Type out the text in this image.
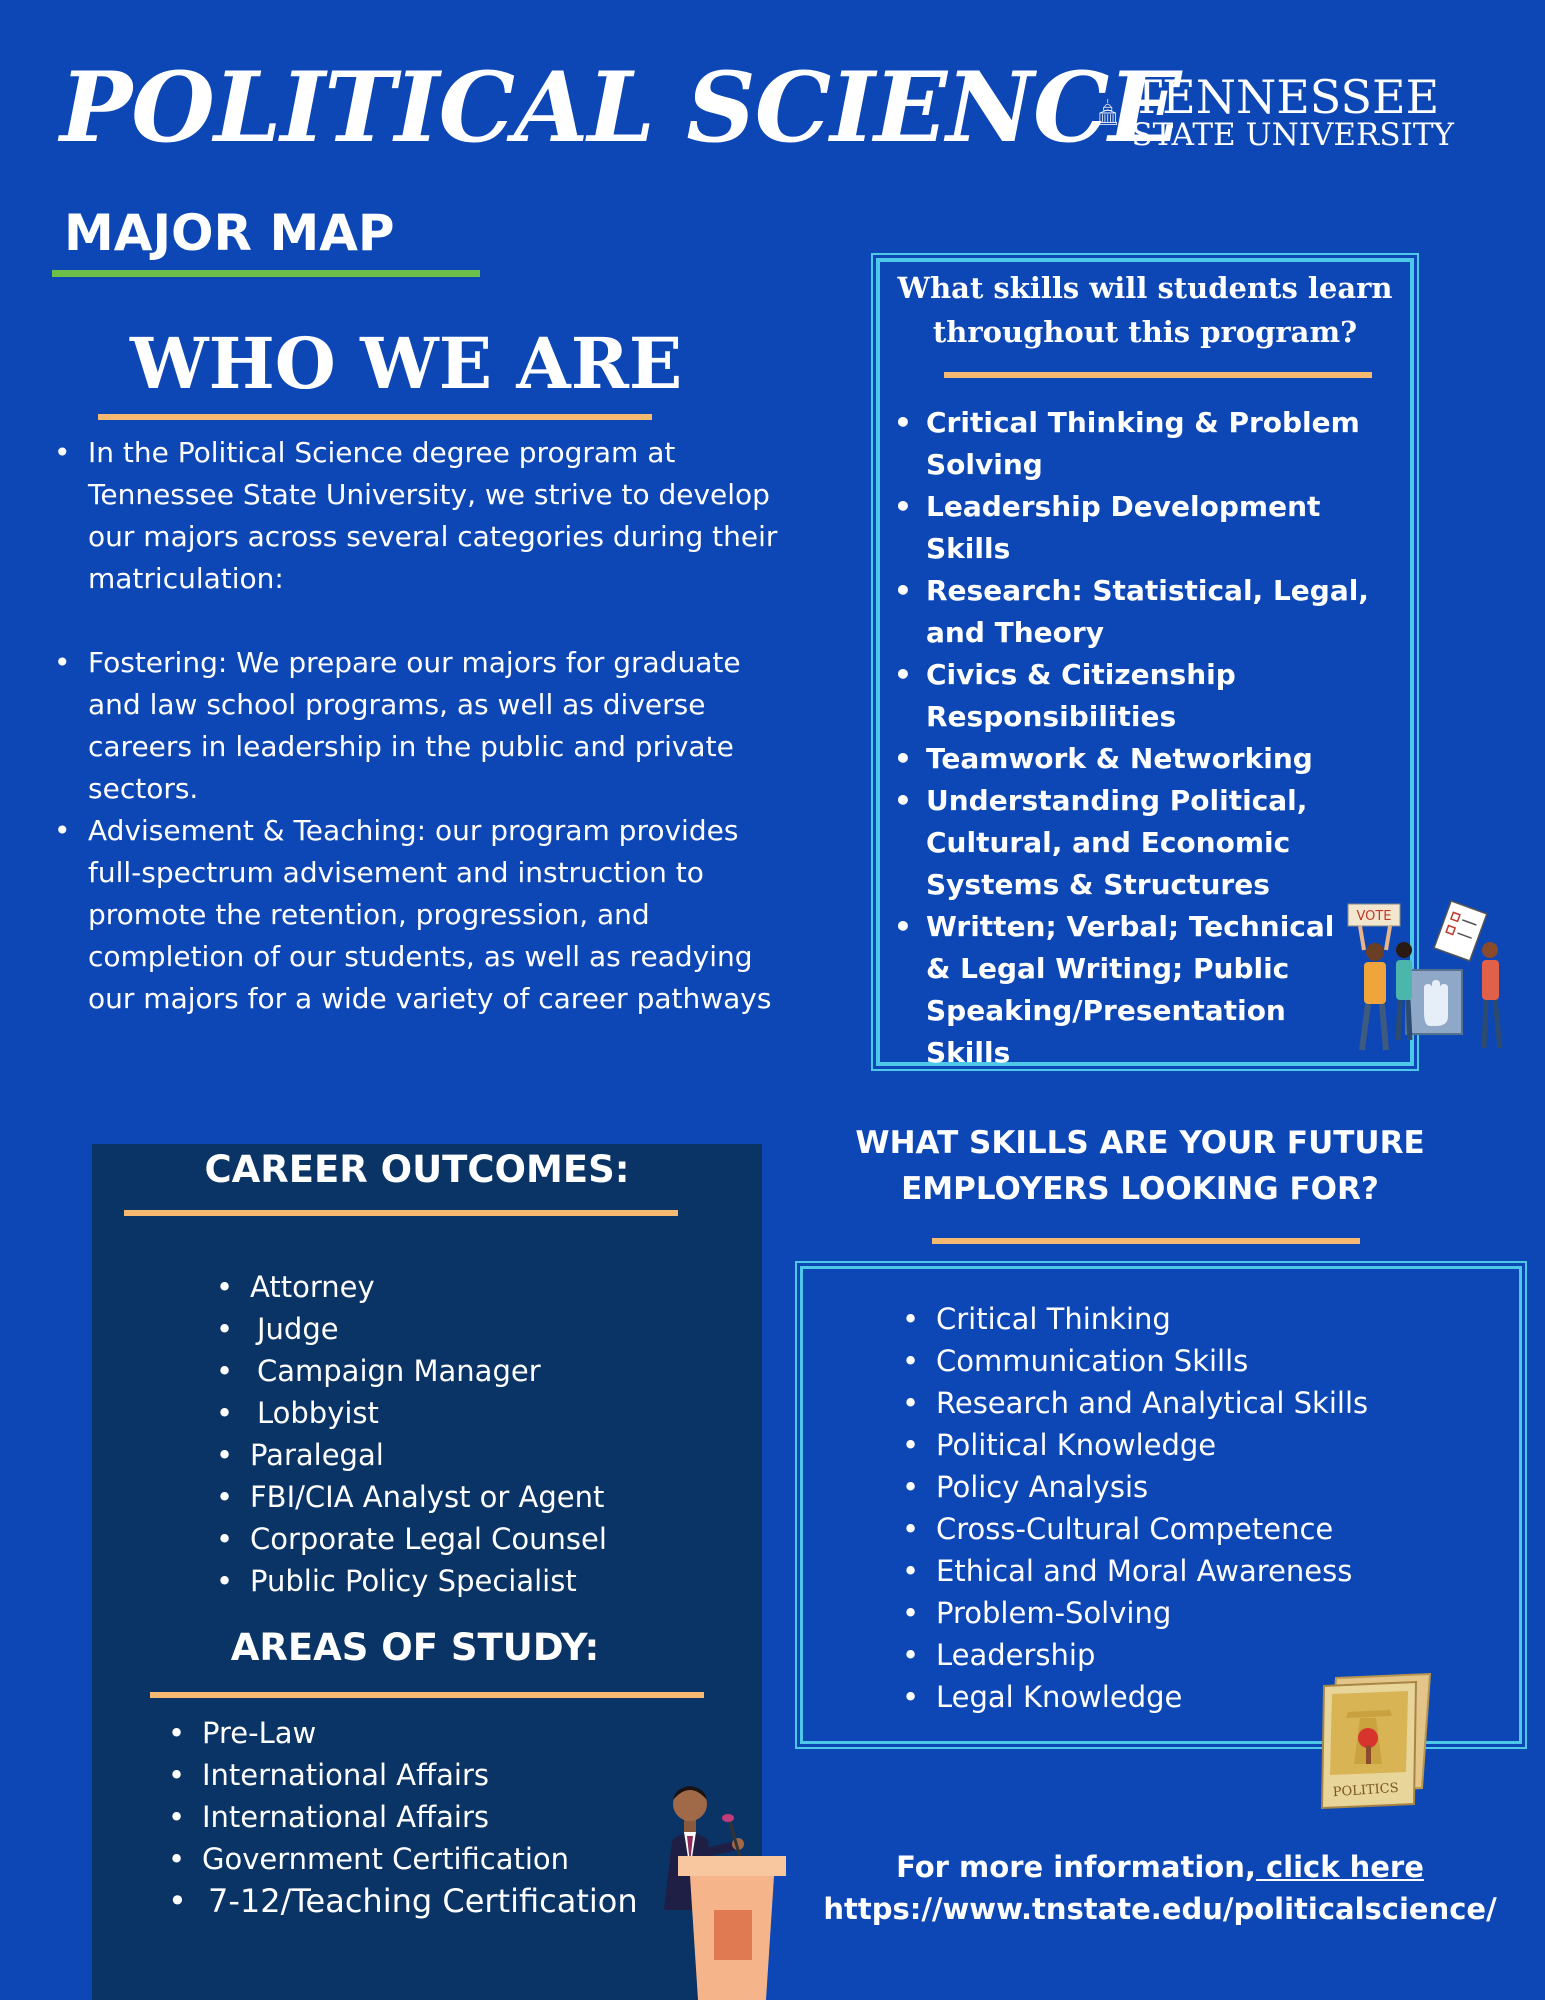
POLITICAL SCIENCE
TENNESSEE
STATE UNIVERSITY
MAJOR MAP
WHO WE ARE
• In the Political Science degree program at Tennessee State University, we strive to develop our majors across several categories during their matriculation:
• Fostering: We prepare our majors for graduate and law school programs, as well as diverse careers in leadership in the public and private sectors.
• Advisement & Teaching: our program provides full-spectrum advisement and instruction to promote the retention, progression, and completion of our students, as well as readying our majors for a wide variety of career pathways
What skills will students learn throughout this program?
• Critical Thinking & Problem Solving
• Leadership Development Skills
• Research: Statistical, Legal, and Theory
• Civics & Citizenship Responsibilities
• Teamwork & Networking
• Understanding Political, Cultural, and Economic Systems & Structures
• Written; Verbal; Technical & Legal Writing; Public Speaking/Presentation Skills
VOTE
CAREER OUTCOMES:
• Attorney
• Judge
• Campaign Manager
• Lobbyist
• Paralegal
• FBI/CIA Analyst or Agent
• Corporate Legal Counsel
• Public Policy Specialist
AREAS OF STUDY:
• Pre-Law
• International Affairs
• International Affairs
• Government Certification
• 7-12/Teaching Certification
WHAT SKILLS ARE YOUR FUTURE
EMPLOYERS LOOKING FOR?
• Critical Thinking
• Communication Skills
• Research and Analytical Skills
• Political Knowledge
• Policy Analysis
• Cross-Cultural Competence
• Ethical and Moral Awareness
• Problem-Solving
• Leadership
• Legal Knowledge
POLITICS
For more information, click here
https://www.tnstate.edu/politicalscience/
